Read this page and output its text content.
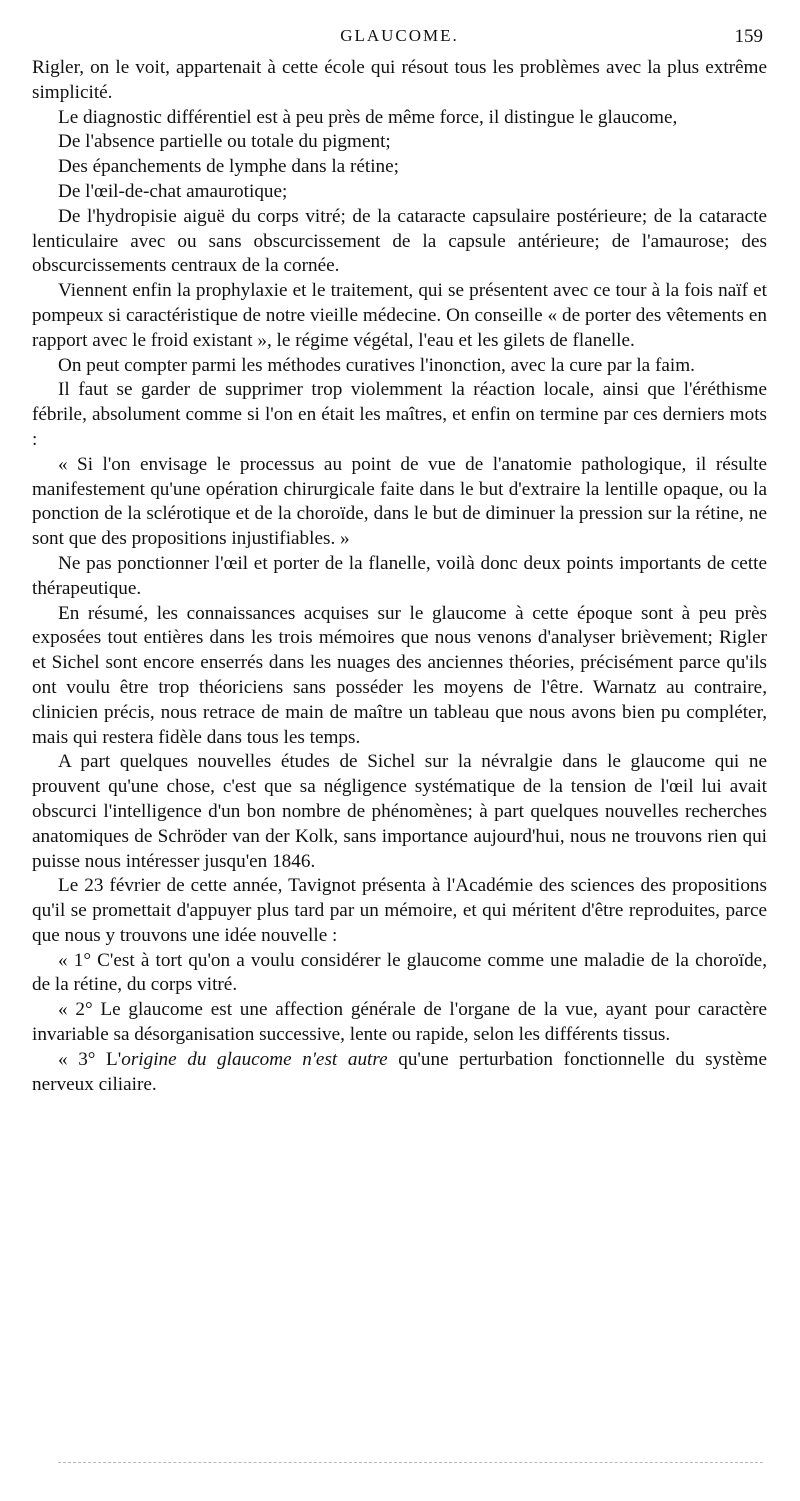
GLAUCOME.	159

Rigler, on le voit, appartenait à cette école qui résout tous les problèmes avec la plus extrême simplicité.

Le diagnostic différentiel est à peu près de même force, il distingue le glaucome,

De l'absence partielle ou totale du pigment;

Des épanchements de lymphe dans la rétine;

De l'œil-de-chat amaurotique;

De l'hydropisie aiguë du corps vitré; de la cataracte capsulaire postérieure; de la cataracte lenticulaire avec ou sans obscurcissement de la capsule antérieure; de l'amaurose; des obscurcissements centraux de la cornée.

Viennent enfin la prophylaxie et le traitement, qui se présentent avec ce tour à la fois naïf et pompeux si caractéristique de notre vieille médecine. On conseille « de porter des vêtements en rapport avec le froid existant », le régime végétal, l'eau et les gilets de flanelle.

On peut compter parmi les méthodes curatives l'inonction, avec la cure par la faim.

Il faut se garder de supprimer trop violemment la réaction locale, ainsi que l'éréthisme fébrile, absolument comme si l'on en était les maîtres, et enfin on termine par ces derniers mots :

« Si l'on envisage le processus au point de vue de l'anatomie pathologique, il résulte manifestement qu'une opération chirurgicale faite dans le but d'extraire la lentille opaque, ou la ponction de la sclérotique et de la choroïde, dans le but de diminuer la pression sur la rétine, ne sont que des propositions injustifiables. »

Ne pas ponctionner l'œil et porter de la flanelle, voilà donc deux points importants de cette thérapeutique.

En résumé, les connaissances acquises sur le glaucome à cette époque sont à peu près exposées tout entières dans les trois mémoires que nous venons d'analyser brièvement; Rigler et Sichel sont encore enserrés dans les nuages des anciennes théories, précisément parce qu'ils ont voulu être trop théoriciens sans posséder les moyens de l'être. Warnatz au contraire, clinicien précis, nous retrace de main de maître un tableau que nous avons bien pu compléter, mais qui restera fidèle dans tous les temps.

A part quelques nouvelles études de Sichel sur la névralgie dans le glaucome qui ne prouvent qu'une chose, c'est que sa négligence systématique de la tension de l'œil lui avait obscurci l'intelligence d'un bon nombre de phénomènes; à part quelques nouvelles recherches anatomiques de Schröder van der Kolk, sans importance aujourd'hui, nous ne trouvons rien qui puisse nous intéresser jusqu'en 1846.

Le 23 février de cette année, Tavignot présenta à l'Académie des sciences des propositions qu'il se promettait d'appuyer plus tard par un mémoire, et qui méritent d'être reproduites, parce que nous y trouvons une idée nouvelle :

« 1° C'est à tort qu'on a voulu considérer le glaucome comme une maladie de la choroïde, de la rétine, du corps vitré.

« 2° Le glaucome est une affection générale de l'organe de la vue, ayant pour caractère invariable sa désorganisation successive, lente ou rapide, selon les différents tissus.

« 3° L'origine du glaucome n'est autre qu'une perturbation fonctionnelle du système nerveux ciliaire.
